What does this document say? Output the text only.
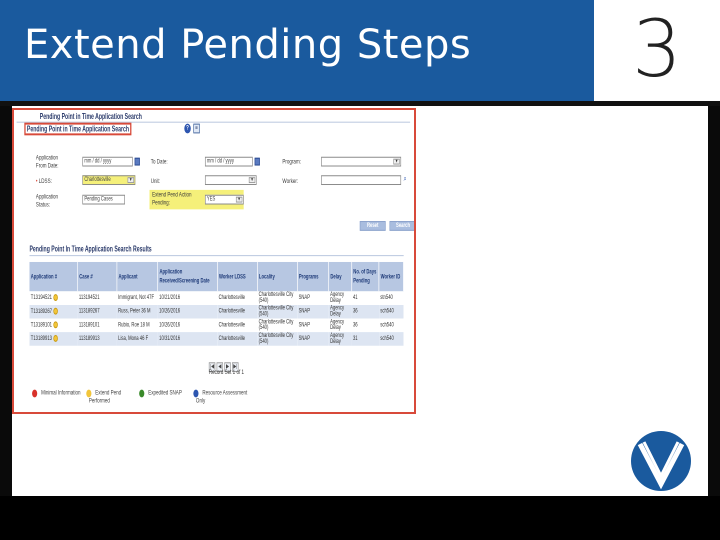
Extend Pending Steps	3
Pending Point in Time Application Search
Pending Point in Time Application Search	? ≡
Application From Date:
mm / dd / yyyy	To Date:	mm / dd / yyyy	Program:	▼
• LDSS:	Charlottesville	▼	Unit:	▼	Worker:	⌕
Application Status:
Pending Cases
Extend Pend Action Pending:
YES	▼
Reset	Search
Pending Point In Time Application Search Results
Application #	Case #	Applicant	Application Received/Screening Date	Worker LDSS	Locality	Programs	Delay	No. of Days Pending	Worker ID
T13194521	113194521	Immigrant, Not 47F	10/21/2016	Charlottesville	Charlottesville City (540)	SNAP	Agency Delay	41	stn540
T13189267	113189267	Russ, Peter 36 M	10/26/2016	Charlottesville	Charlottesville City (540)	SNAP	Agency Delay	36	sch540
T13189101	113189101	Rubio, Roe 18 M	10/26/2016	Charlottesville	Charlottesville City (540)	SNAP	Agency Delay	36	sch540
T13189913	113189913	Lisa, Mona 46 F	10/31/2016	Charlottesville	Charlottesville City (540)	SNAP	Agency Delay	31	sch540
|◀ ◀ ▶ ▶|
Record Set 1 of 1
Minimal Information	Extend Pend Performed
Expedited SNAP	Resource Assessment Only
